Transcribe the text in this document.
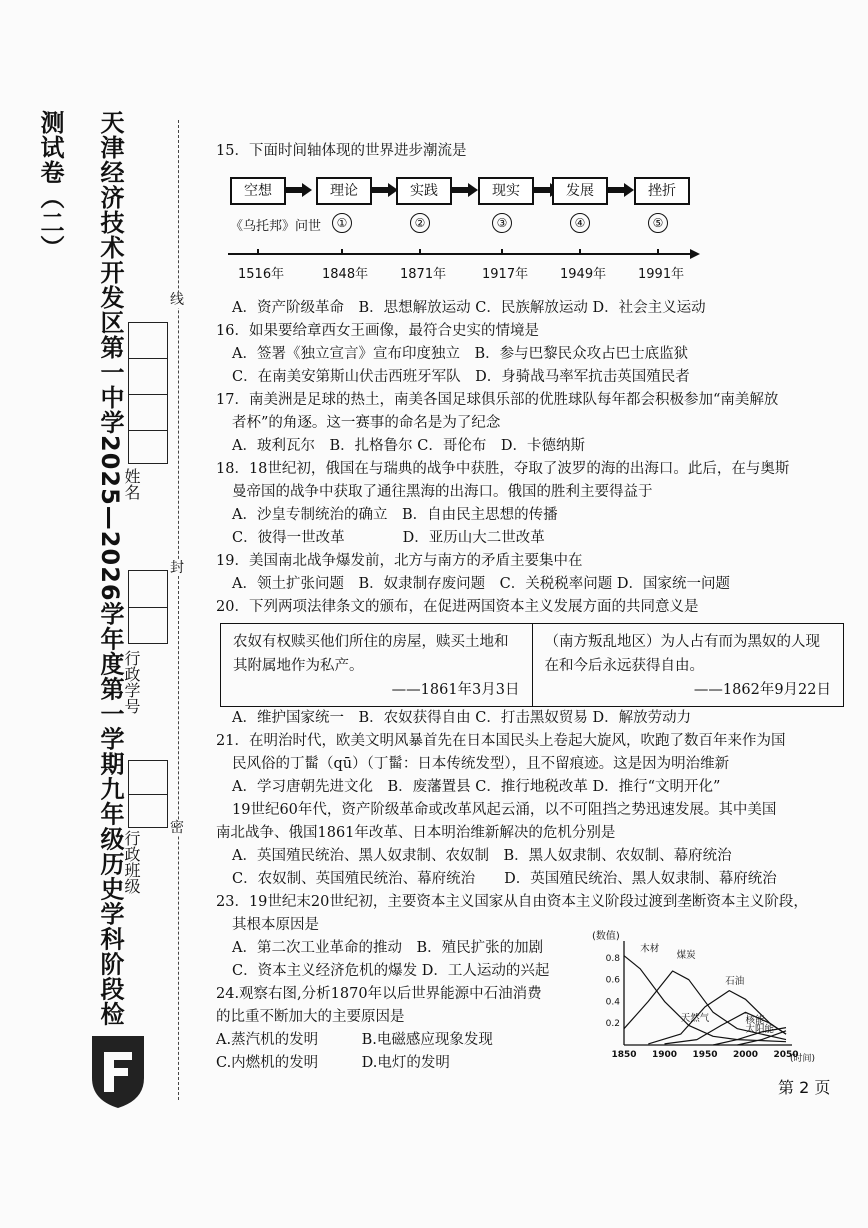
天津经济技术开发区第一中学2025—2026学年度第一学期九年级历史学科阶段检测试卷（二）
行政班级
行政学号
姓名
密
封
线
15．下面时间轴体现的世界进步潮流是
空想	理论	实践	现实	发展	挫折
《乌托邦》问世	①	②	③	④	⑤
1516年	1848年 1871年	1917年 1949年 1991年
A．资产阶级革命　B．思想解放运动 C．民族解放运动 D．社会主义运动
16．如果要给章西女王画像，最符合史实的情境是
A．签署《独立宣言》宣布印度独立　B．参与巴黎民众攻占巴士底监狱
C．在南美安第斯山伏击西班牙军队　D．身骑战马率军抗击英国殖民者
17．南美洲是足球的热土，南美各国足球俱乐部的优胜球队每年都会积极参加“南美解放
者杯”的角逐。这一赛事的命名是为了纪念
A．玻利瓦尔　B．扎格鲁尔 C．哥伦布　D．卡德纳斯
18．18世纪初，俄国在与瑞典的战争中获胜，夺取了波罗的海的出海口。此后，在与奥斯
曼帝国的战争中获取了通往黑海的出海口。俄国的胜利主要得益于
A．沙皇专制统治的确立　B．自由民主思想的传播
C．彼得一世改革　　　　D．亚历山大二世改革
19．美国南北战争爆发前，北方与南方的矛盾主要集中在
A．领土扩张问题　B．奴隶制存废问题　C．关税税率问题 D．国家统一问题
20．下列两项法律条文的颁布，在促进两国资本主义发展方面的共同意义是
农奴有权赎买他们所住的房屋，赎买土地和其附属地作为私产。
——1861年3月3日
（南方叛乱地区）为人占有而为黑奴的人现在和今后永远获得自由。
——1862年9月22日
A．维护国家统一　B．农奴获得自由 C．打击黑奴贸易 D．解放劳动力
21．在明治时代，欧美文明风暴首先在日本国民头上卷起大旋风，吹跑了数百年来作为国
民风俗的丁髷（qū）（丁髷：日本传统发型），且不留痕迹。这是因为明治维新
A．学习唐朝先进文化　B．废藩置县 C．推行地税改革 D．推行“文明开化”
19世纪60年代，资产阶级革命或改革风起云涌，以不可阻挡之势迅速发展。其中美国
南北战争、俄国1861年改革、日本明治维新解决的危机分别是
A．英国殖民统治、黑人奴隶制、农奴制　B．黑人奴隶制、农奴制、幕府统治
C．农奴制、英国殖民统治、幕府统治　　D．英国殖民统治、黑人奴隶制、幕府统治
23．19世纪末20世纪初，主要资本主义国家从自由资本主义阶段过渡到垄断资本主义阶段，
其根本原因是
A．第二次工业革命的推动　B．殖民扩张的加剧
C．资本主义经济危机的爆发 D．工人运动的兴起
24.观察右图,分析1870年以后世界能源中石油消费
的比重不断加大的主要原因是
A.蒸汽机的发明　　　B.电磁感应现象发现
C.内燃机的发明　　　D.电灯的发明
(数值)
(时间)
0.2
0.4
0.6
0.8
1850 1900 1950 2000 2050
木材
煤炭
石油
天然气	核能
太阳能
第 2 页
